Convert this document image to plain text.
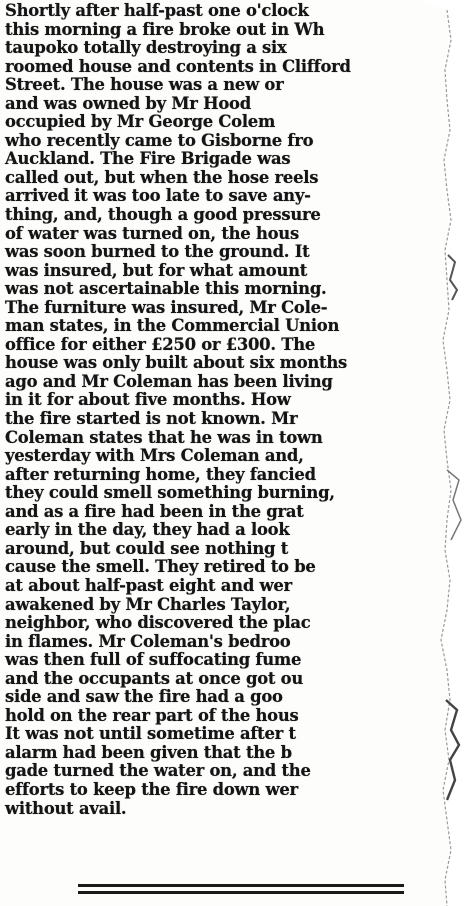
Shortly after half-past one o'clock
this morning a fire broke out in Wh
taupoko totally destroying a six
roomed house and contents in Clifford
Street. The house was a new or
and was owned by Mr Hood
occupied by Mr George Colem
who recently came to Gisborne fro
Auckland. The Fire Brigade was
called out, but when the hose reels
arrived it was too late to save any-
thing, and, though a good pressure
of water was turned on, the hous
was soon burned to the ground. It
was insured, but for what amount
was not ascertainable this morning.
The furniture was insured, Mr Cole-
man states, in the Commercial Union
office for either £250 or £300. The
house was only built about six months
ago and Mr Coleman has been living
in it for about five months. How
the fire started is not known. Mr
Coleman states that he was in town
yesterday with Mrs Coleman and,
after returning home, they fancied
they could smell something burning,
and as a fire had been in the grat
early in the day, they had a look
around, but could see nothing t
cause the smell. They retired to be
at about half-past eight and wer
awakened by Mr Charles Taylor,
neighbor, who discovered the plac
in flames. Mr Coleman's bedroo
was then full of suffocating fume
and the occupants at once got ou
side and saw the fire had a goo
hold on the rear part of the hous
It was not until sometime after t
alarm had been given that the b
gade turned the water on, and the
efforts to keep the fire down wer
without avail.
